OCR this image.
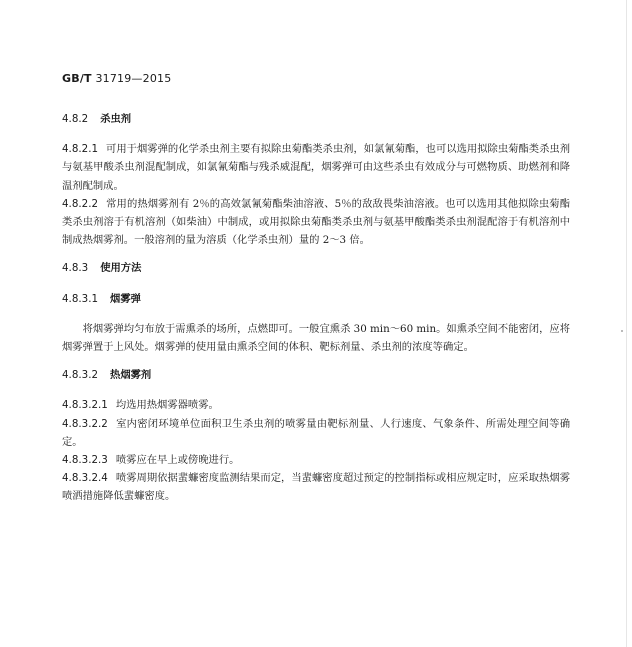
GB/T 31719—2015
4.8.2 杀虫剂

4.8.2.1 可用于烟雾弹的化学杀虫剂主要有拟除虫菊酯类杀虫剂，如氯氰菊酯，也可以选用拟除虫菊酯类杀虫剂与氨基甲酸杀虫剂混配制成，如氯氰菊酯与残杀威混配，烟雾弹可由这些杀虫有效成分与可燃物质、助燃剂和降温剂配制成。

4.8.2.2 常用的热烟雾剂有 2％的高效氯氰菊酯柴油溶液、5％的敌敌畏柴油溶液。也可以选用其他拟除虫菊酯类杀虫剂溶于有机溶剂（如柴油）中制成，或用拟除虫菊酯类杀虫剂与氨基甲酸酯类杀虫剂混配溶于有机溶剂中制成热烟雾剂。一般溶剂的量为溶质（化学杀虫剂）量的 2～3 倍。

4.8.3 使用方法
4.8.3.1 烟雾弹

将烟雾弹均匀布放于需熏杀的场所，点燃即可。一般宜熏杀 30 min～60 min。如熏杀空间不能密闭，应将烟雾弹置于上风处。烟雾弹的使用量由熏杀空间的体积、靶标剂量、杀虫剂的浓度等确定。

4.8.3.2 热烟雾剂

4.8.3.2.1 均选用热烟雾器喷雾。

4.8.3.2.2 室内密闭环境单位面积卫生杀虫剂的喷雾量由靶标剂量、人行速度、气象条件、所需处理空间等确定。

4.8.3.2.3 喷雾应在早上或傍晚进行。

4.8.3.2.4 喷雾周期依据蜚蠊密度监测结果而定，当蜚蠊密度超过预定的控制指标或相应规定时，应采取热烟雾喷洒措施降低蜚蠊密度。
